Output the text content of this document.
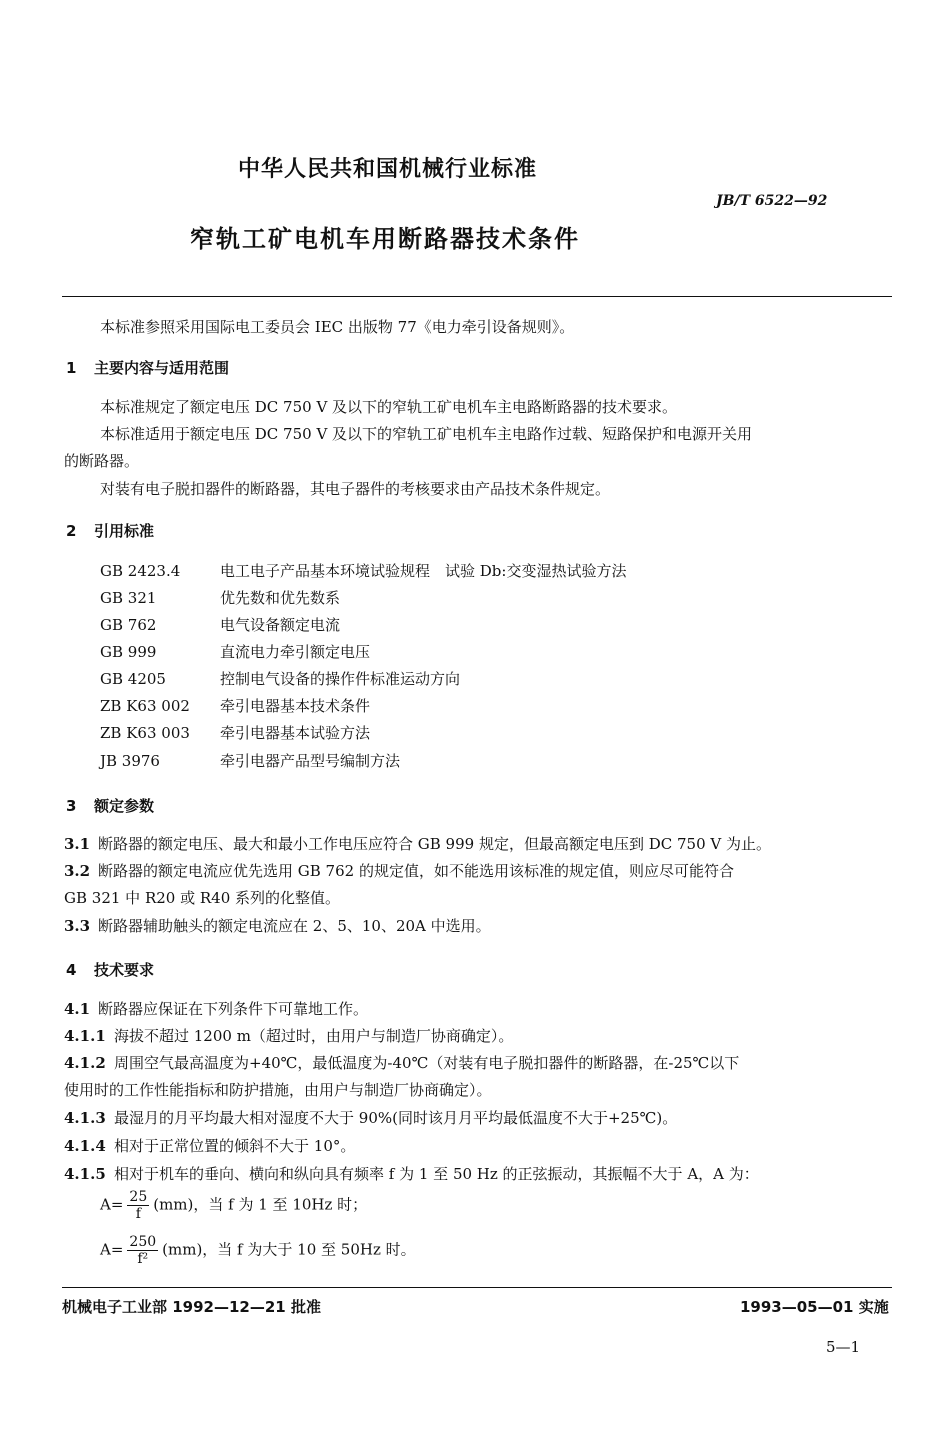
中华人民共和国机械行业标准
JB/T 6522—92
窄轨工矿电机车用断路器技术条件
本标准参照采用国际电工委员会 IEC 出版物 77《电力牵引设备规则》。
1 主要内容与适用范围
本标准规定了额定电压 DC 750 V 及以下的窄轨工矿电机车主电路断路器的技术要求。
本标准适用于额定电压 DC 750 V 及以下的窄轨工矿电机车主电路作过载、短路保护和电源开关用
的断路器。
对装有电子脱扣器件的断路器，其电子器件的考核要求由产品技术条件规定。
2 引用标准
GB 2423.4	电工电子产品基本环境试验规程　试验 Db:交变湿热试验方法
GB 321	优先数和优先数系
GB 762	电气设备额定电流
GB 999	直流电力牵引额定电压
GB 4205	控制电气设备的操作件标准运动方向
ZB K63 002 牵引电器基本技术条件
ZB K63 003 牵引电器基本试验方法
JB 3976	牵引电器产品型号编制方法
3 额定参数
3.1 断路器的额定电压、最大和最小工作电压应符合 GB 999 规定，但最高额定电压到 DC 750 V 为止。
3.2 断路器的额定电流应优先选用 GB 762 的规定值，如不能选用该标准的规定值，则应尽可能符合
GB 321 中 R20 或 R40 系列的化整值。
3.3 断路器辅助触头的额定电流应在 2、5、10、20A 中选用。
4 技术要求
4.1 断路器应保证在下列条件下可靠地工作。
4.1.1 海拔不超过 1200 m（超过时，由用户与制造厂协商确定）。
4.1.2 周围空气最高温度为+40℃，最低温度为-40℃（对装有电子脱扣器件的断路器，在-25℃以下
使用时的工作性能指标和防护措施，由用户与制造厂协商确定）。
4.1.3 最湿月的月平均最大相对湿度不大于 90%(同时该月月平均最低温度不大于+25℃)。
4.1.4 相对于正常位置的倾斜不大于 10°。
4.1.5 相对于机车的垂向、横向和纵向具有频率 f 为 1 至 50 Hz 的正弦振动，其振幅不大于 A，A 为：
$A= \frac{25}{f} (mm)$，当 f 为 1 至 10Hz 时；
$A= \frac{250}{\text{f²}} (mm)$，当 f 为大于 10 至 50Hz 时。
机械电子工业部 1992—12—21 批准	1993—05—01 实施
5—1
